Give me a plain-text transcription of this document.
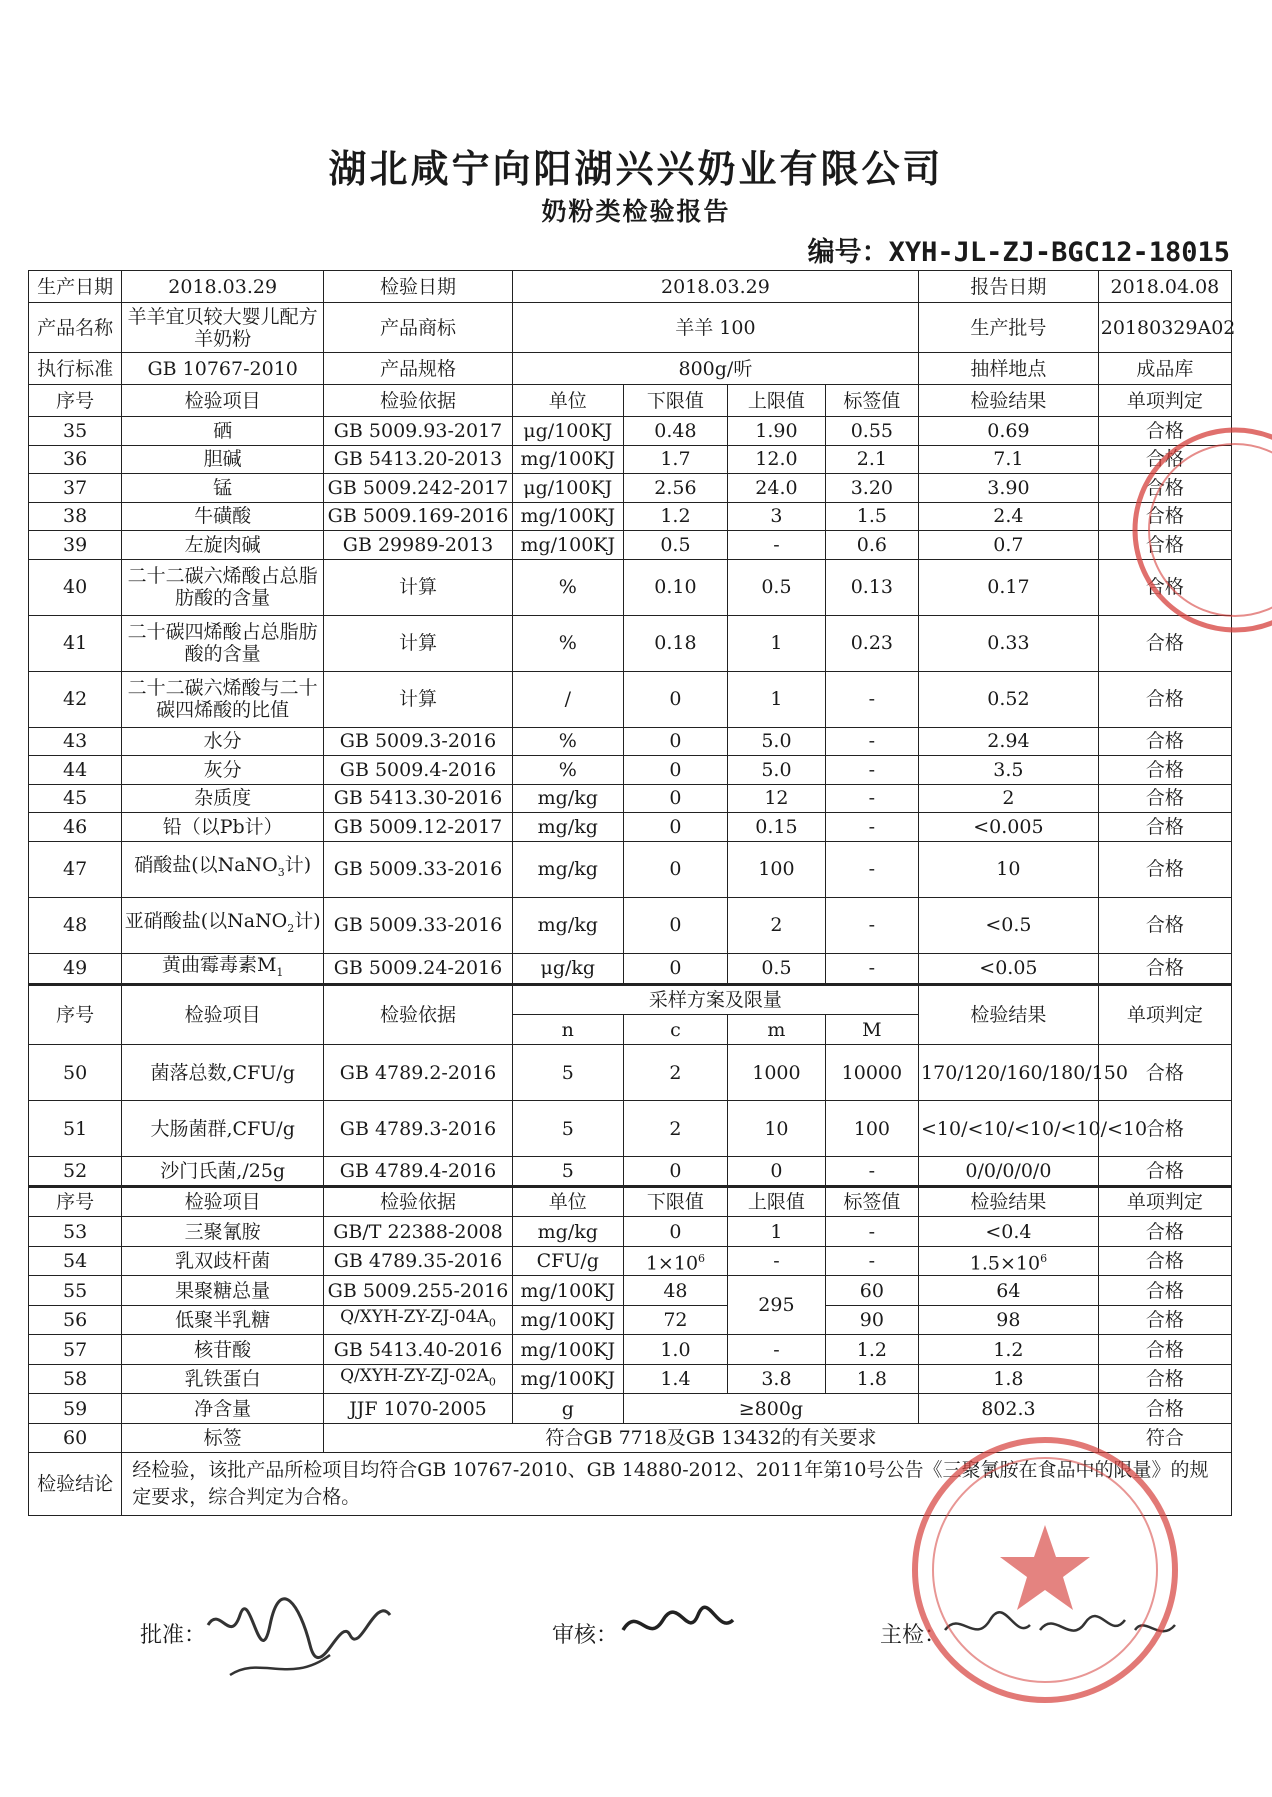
湖北咸宁向阳湖兴兴奶业有限公司
奶粉类检验报告
编号：XYH-JL-ZJ-BGC12-18015
生产日期	2018.03.29	检验日期	2018.03.29				报告日期	2018.04.08
产品名称	羊羊宜贝较大婴儿配方羊奶粉	产品商标	羊羊 100				生产批号	20180329A02
执行标准	GB 10767-2010	产品规格	800g/听				抽样地点	成品库
序号	检验项目	检验依据	单位	下限值	上限值	标签值	检验结果	单项判定
35	硒	GB 5009.93-2017	μg/100KJ	0.48	1.90	0.55	0.69	合格
36	胆碱	GB 5413.20-2013	mg/100KJ	1.7	12.0	2.1	7.1	合格
37	锰	GB 5009.242-2017	μg/100KJ	2.56	24.0	3.20	3.90	合格
38	牛磺酸	GB 5009.169-2016	mg/100KJ	1.2	3	1.5	2.4	合格
39	左旋肉碱	GB 29989-2013	mg/100KJ	0.5	-	0.6	0.7	合格
40	二十二碳六烯酸占总脂肪酸的含量	计算	%	0.10	0.5	0.13	0.17	合格
41	二十碳四烯酸占总脂肪酸的含量	计算	%	0.18	1	0.23	0.33	合格
42	二十二碳六烯酸与二十碳四烯酸的比值	计算	/	0	1	-	0.52	合格
43	水分	GB 5009.3-2016	%	0	5.0	-	2.94	合格
44	灰分	GB 5009.4-2016	%	0	5.0	-	3.5	合格
45	杂质度	GB 5413.30-2016	mg/kg	0	12	-	2	合格
46	铅（以Pb计）	GB 5009.12-2017	mg/kg	0	0.15	-	<0.005	合格
47	硝酸盐(以NaNO$_3$计)	GB 5009.33-2016	mg/kg	0	100	-	10	合格
48	亚硝酸盐(以NaNO$_2$计)	GB 5009.33-2016	mg/kg	0	2	-	<0.5	合格
49	黄曲霉毒素$M_1$	GB 5009.24-2016	μg/kg	0	0.5	-	<0.05	合格
序号	检验项目	检验依据	采样方案及限量				检验结果	单项判定
			n	c	m	M		
50	菌落总数,CFU/g	GB 4789.2-2016	5	2	1000	10000	170/120/160/180/150	合格
51	大肠菌群,CFU/g	GB 4789.3-2016	5	2	10	100	<10/<10/<10/<10/<10	合格
52	沙门氏菌,/25g	GB 4789.4-2016	5	0	0	-	0/0/0/0/0	合格
序号	检验项目	检验依据	单位	下限值	上限值	标签值	检验结果	单项判定
53	三聚氰胺	GB/T 22388-2008	mg/kg	0	1	-	<0.4	合格
54	乳双歧杆菌	GB 4789.35-2016	CFU/g	$1\times 10^6$	-	-	$1.5\times 10^6$	合格
55	果聚糖总量	GB 5009.255-2016	mg/100KJ	48	295	60	64	合格
56	低聚半乳糖	$Q/XYH-ZY-ZJ-04A_0$	mg/100KJ	72		90	98	合格
57	核苷酸	GB 5413.40-2016	mg/100KJ	1.0	-	1.2	1.2	合格
58	乳铁蛋白	$Q/XYH-ZY-ZJ-02A_0$	mg/100KJ	1.4	3.8	1.8	1.8	合格
59	净含量	JJF 1070-2005	g	≥800g			802.3	合格
60	标签	符合GB 7718及GB 13432的有关要求						符合
检验结论	经检验，该批产品所检项目均符合GB 10767-2010、GB 14880-2012、2011年第10号公告《三聚氰胺在食品中的限量》的规定要求，综合判定为合格。							
批准：	审核：	主检：
